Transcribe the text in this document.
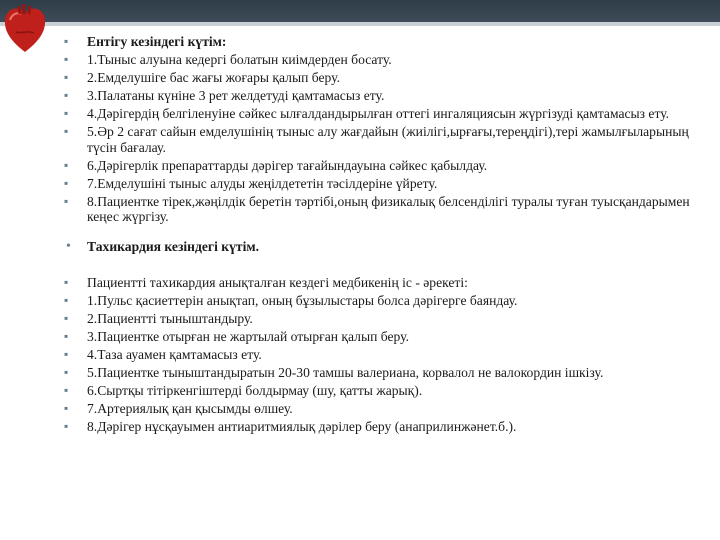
▪ Ентігу кезіндегі күтім:
▪ 1.Тыныс алуына кедергі болатын киімдерден босату.
▪ 2.Емделушіге бас жағы жоғары қалып беру.
▪ 3.Палатаны күніне 3 рет желдетуді қамтамасыз ету.
▪ 4.Дәрігердің белгіленуіне сәйкес ылғалдандырылған оттегі ингаляциясын жүргізуді қамтамасыз ету.
▪ 5.Әр 2 сағат сайын емделушінің тыныс алу жағдайын (жиілігі,ырғағы,тереңдігі),тері жамылғыларының түсін бағалау.
▪ 6.Дәрігерлік препараттарды дәрігер тағайындауына сәйкес қабылдау.
▪ 7.Емделушіні тыныс алуды жеңілдететін тәсілдеріне үйрету.
▪ 8.Пациентке тірек,жәңілдік беретін тәртібі,оның физикалық белсенділігі туралы туған туысқандарымен кеңес жүргізу.
• Тахикардия кезіндегі күтім.
▪ Пациентті тахикардия анықталған кездегі медбикенің іс - әрекеті:
▪ 1.Пульс қасиеттерін анықтап, оның бұзылыстары болса дәрігерге баяндау.
▪ 2.Пациентті тыныштандыру.
▪ 3.Пациентке отырған не жартылай отырған қалып беру.
▪ 4.Таза ауамен қамтамасыз ету.
▪ 5.Пациентке тыныштандыратын 20-30 тамшы валериана, корвалол не валокордин ішкізу.
▪ 6.Сыртқы тітіркенгіштерді болдырмау (шу, қатты жарық).
▪ 7.Артериялық қан қысымды өлшеу.
▪ 8.Дәрігер нұсқауымен антиаритмиялық дәрілер беру (анаприлинжәнет.б.).
